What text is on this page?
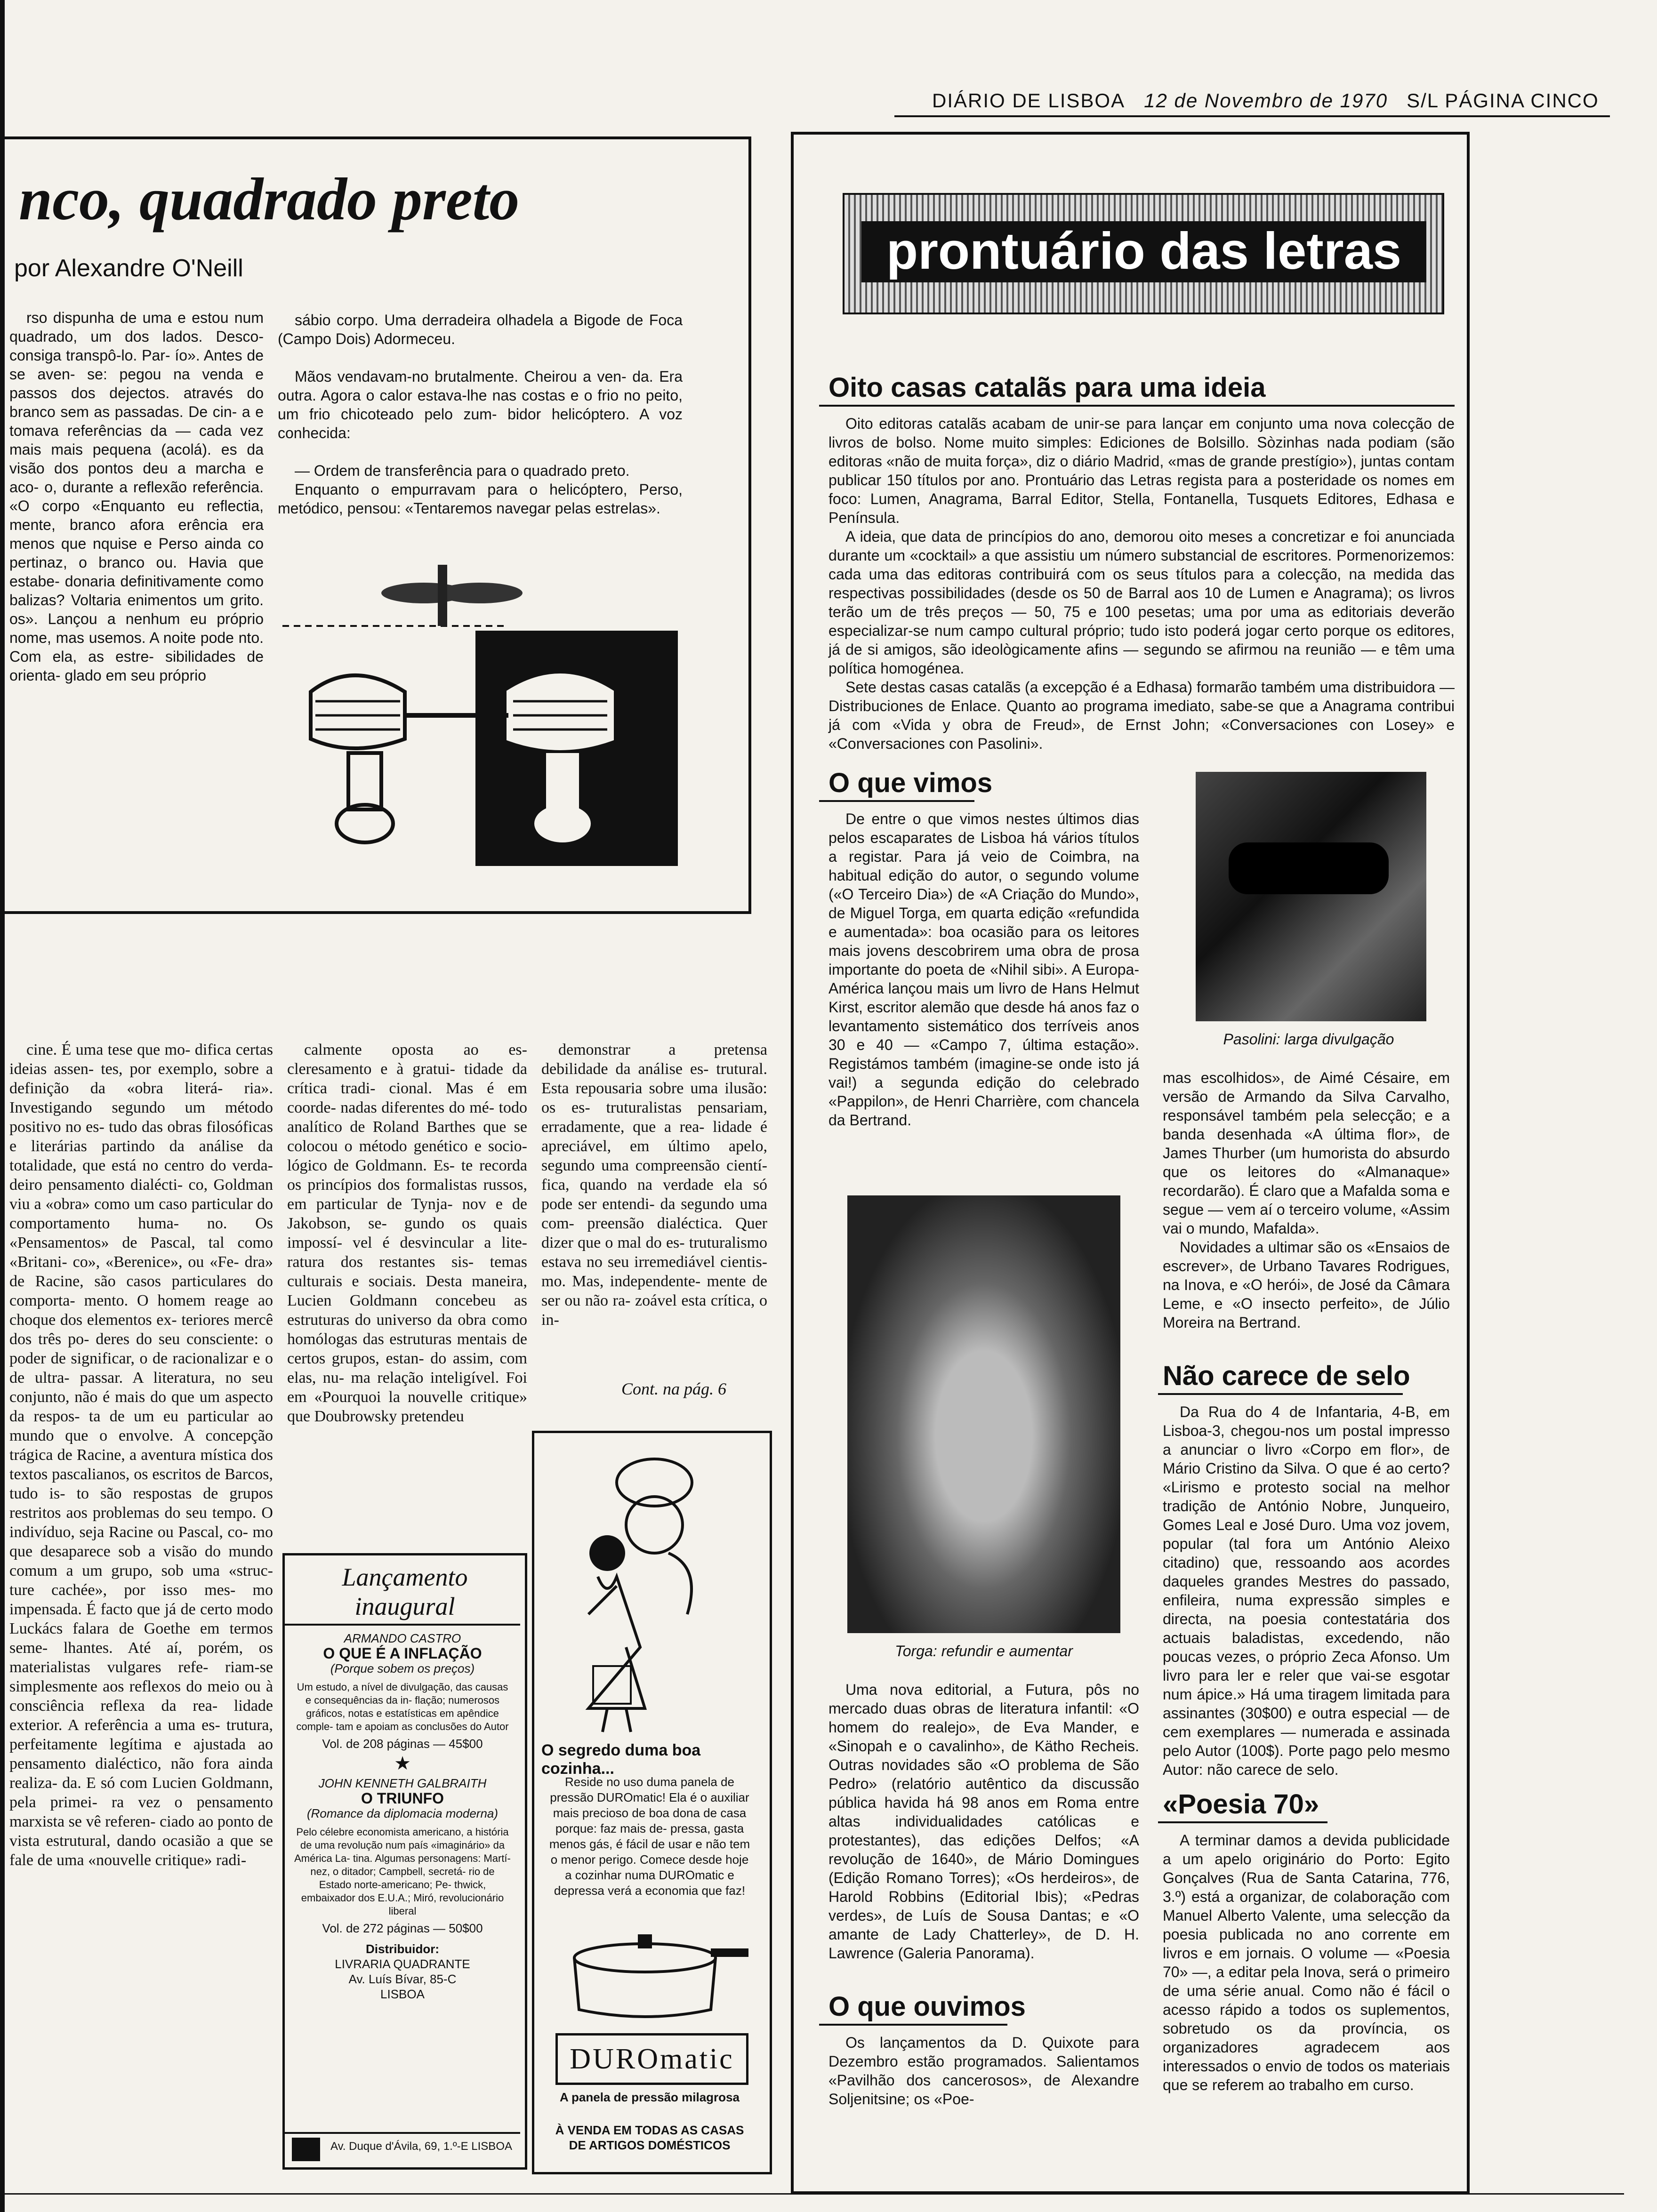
DIÁRIO DE LISBOA 12 de Novembro de 1970 S/L PÁGINA CINCO
nco, quadrado preto
por Alexandre O'Neill

rso dispunha de uma e estou num quadrado, um dos lados. Desco- consiga transpô-lo. Par- ío». Antes de se aven- se: pegou na venda e passos dos dejectos. através do branco sem as passadas. De cin- a e tomava referências da — cada vez mais mais pequena (acolá). es da visão dos pontos deu a marcha e aco- o, durante a reflexão referência. «O corpo «Enquanto eu reflectia, mente, branco afora erência era menos que nquise e Perso ainda co pertinaz, o branco ou. Havia que estabe- donaria definitivamente como balizas? Voltaria enimentos um grito. os». Lançou a nenhum eu próprio nome, mas usemos. A noite pode nto. Com ela, as estre- sibilidades de orienta- glado em seu próprio

sábio corpo. Uma derradeira olhadela a Bigode de Foca (Campo Dois) Adormeceu.

Mãos vendavam-no brutalmente. Cheirou a ven- da. Era outra. Agora o calor estava-lhe nas costas e o frio no peito, um frio chicoteado pelo zum- bidor helicóptero. A voz conhecida:

— Ordem de transferência para o quadrado preto.

Enquanto o empurravam para o helicóptero, Perso, metódico, pensou: «Tentaremos navegar pelas estrelas».

cine. É uma tese que mo- difica certas ideias assen- tes, por exemplo, sobre a definição da «obra literá- ria». Investigando segundo um método positivo no es- tudo das obras filosóficas e literárias partindo da análise da totalidade, que está no centro do verda- deiro pensamento dialécti- co, Goldman viu a «obra» como um caso particular do comportamento huma- no. Os «Pensamentos» de Pascal, tal como «Britani- co», «Berenice», ou «Fe- dra» de Racine, são casos particulares do comporta- mento. O homem reage ao choque dos elementos ex- teriores mercê dos três po- deres do seu consciente: o poder de significar, o de racionalizar e o de ultra- passar. A literatura, no seu conjunto, não é mais do que um aspecto da respos- ta de um eu particular ao mundo que o envolve. A concepção trágica de Racine, a aventura mística dos textos pascalianos, os escritos de Barcos, tudo is- to são respostas de grupos restritos aos problemas do seu tempo. O indivíduo, seja Racine ou Pascal, co- mo que desaparece sob a visão do mundo comum a um grupo, sob uma «struc- ture cachée», por isso mes- mo impensada. É facto que já de certo modo Luckács falara de Goethe em termos seme- lhantes. Até aí, porém, os materialistas vulgares refe- riam-se simplesmente aos reflexos do meio ou à consciência reflexa da rea- lidade exterior. A referência a uma es- trutura, perfeitamente legítima e ajustada ao pensamento dialéctico, não fora ainda realiza- da. E só com Lucien Goldmann, pela primei- ra vez o pensamento marxista se vê referen- ciado ao ponto de vista estrutural, dando ocasião a que se fale de uma «nouvelle critique» radi-

calmente oposta ao es- cleresamento e à gratui- tidade da crítica tradi- cional. Mas é em coorde- nadas diferentes do mé- todo analítico de Roland Barthes que se colocou o método genético e socio- lógico de Goldmann. Es- te recorda os princípios dos formalistas russos, em particular de Tynja- nov e de Jakobson, se- gundo os quais impossí- vel é desvincular a lite- ratura dos restantes sis- temas culturais e sociais. Desta maneira, Lucien Goldmann concebeu as estruturas do universo da obra como homólogas das estruturas mentais de certos grupos, estan- do assim, com elas, nu- ma relação inteligível. Foi em «Pourquoi la nouvelle critique» que Doubrowsky pretendeu

demonstrar a pretensa debilidade da análise es- trutural. Esta repousaria sobre uma ilusão: os es- truturalistas pensariam, erradamente, que a rea- lidade é apreciável, em último apelo, segundo uma compreensão cientí- fica, quando na verdade ela só pode ser entendi- da segundo uma com- preensão dialéctica. Quer dizer que o mal do es- truturalismo estava no seu irremediável cientis- mo. Mas, independente- mente de ser ou não ra- zoável esta crítica, o in-

Cont. na pág. 6
Lançamento inaugural
ARMANDO CASTRO
O QUE É A INFLAÇÃO
(Porque sobem os preços)
Um estudo, a nível de divulgação, das causas e consequências da in- flação; numerosos gráficos, notas e estatísticas em apêndice comple- tam e apoiam as conclusões do Autor
Vol. de 208 páginas — 45$00
★
JOHN KENNETH GALBRAITH
O TRIUNFO
(Romance da diplomacia moderna)
Pelo célebre economista americano, a história de uma revolução num país «imaginário» da América La- tina. Algumas personagens: Martí- nez, o ditador; Campbell, secretá- rio de Estado norte-americano; Pe- thwick, embaixador dos E.U.A.; Miró, revolucionário liberal
Vol. de 272 páginas — 50$00
Distribuidor:
LIVRARIA QUADRANTE
Av. Luís Bívar, 85-C
LISBOA
Av. Duque d'Ávila, 69, 1.º-E LISBOA
O segredo duma boa cozinha...
Reside no uso duma panela de pressão DUROmatic! Ela é o auxiliar mais precioso de boa dona de casa porque: faz mais de- pressa, gasta menos gás, é fácil de usar e não tem o menor perigo. Comece desde hoje a cozinhar numa DUROmatic e depressa verá a economia que faz!
DUROmatic
A panela de pressão milagrosa
À VENDA EM TODAS AS CASAS DE ARTIGOS DOMÉSTICOS
prontuário das letras
Oito casas catalãs para uma ideia

Oito editoras catalãs acabam de unir-se para lançar em conjunto uma nova colecção de livros de bolso. Nome muito simples: Ediciones de Bolsillo. Sòzinhas nada podiam (são editoras «não de muita força», diz o diário Madrid, «mas de grande prestígio»), juntas contam publicar 150 títulos por ano. Prontuário das Letras regista para a posteridade os nomes em foco: Lumen, Anagrama, Barral Editor, Stella, Fontanella, Tusquets Editores, Edhasa e Península.

A ideia, que data de princípios do ano, demorou oito meses a concretizar e foi anunciada durante um «cocktail» a que assistiu um número substancial de escritores. Pormenorizemos: cada uma das editoras contribuirá com os seus títulos para a colecção, na medida das respectivas possibilidades (desde os 50 de Barral aos 10 de Lumen e Anagrama); os livros terão um de três preços — 50, 75 e 100 pesetas; uma por uma as editoriais deverão especializar-se num campo cultural próprio; tudo isto poderá jogar certo porque os editores, já de si amigos, são ideològicamente afins — segundo se afirmou na reunião — e têm uma política homogénea.

Sete destas casas catalãs (a excepção é a Edhasa) formarão também uma distribuidora — Distribuciones de Enlace. Quanto ao programa imediato, sabe-se que a Anagrama contribui já com «Vida y obra de Freud», de Ernst John; «Conversaciones con Losey» e «Conversaciones con Pasolini».

O que vimos

De entre o que vimos nestes últimos dias pelos escaparates de Lisboa há vários títulos a registar. Para já veio de Coimbra, na habitual edição do autor, o segundo volume («O Terceiro Dia») de «A Criação do Mundo», de Miguel Torga, em quarta edição «refundida e aumentada»: boa ocasião para os leitores mais jovens descobrirem uma obra de prosa importante do poeta de «Nihil sibi». A Europa-América lançou mais um livro de Hans Helmut Kirst, escritor alemão que desde há anos faz o levantamento sistemático dos terríveis anos 30 e 40 — «Campo 7, última estação». Registámos também (imagine-se onde isto já vai!) a segunda edição do celebrado «Pappilon», de Henri Charrière, com chancela da Bertrand.

Pasolini: larga divulgação

mas escolhidos», de Aimé Césaire, em versão de Armando da Silva Carvalho, responsável também pela selecção; e a banda desenhada «A última flor», de James Thurber (um humorista do absurdo que os leitores do «Almanaque» recordarão). É claro que a Mafalda soma e segue — vem aí o terceiro volume, «Assim vai o mundo, Mafalda».

Novidades a ultimar são os «Ensaios de escrever», de Urbano Tavares Rodrigues, na Inova, e «O herói», de José da Câmara Leme, e «O insecto perfeito», de Júlio Moreira na Bertrand.

Torga: refundir e aumentar

Uma nova editorial, a Futura, pôs no mercado duas obras de literatura infantil: «O homem do realejo», de Eva Mander, e «Sinopah e o cavalinho», de Kätho Recheis. Outras novidades são «O problema de São Pedro» (relatório autêntico da discussão pública havida há 98 anos em Roma entre altas individualidades católicas e protestantes), das edições Delfos; «A revolução de 1640», de Mário Domingues (Edição Romano Torres); «Os herdeiros», de Harold Robbins (Editorial Ibis); «Pedras verdes», de Luís de Sousa Dantas; e «O amante de Lady Chatterley», de D. H. Lawrence (Galeria Panorama).

O que ouvimos

Os lançamentos da D. Quixote para Dezembro estão programados. Salientamos «Pavilhão dos cancerosos», de Alexandre Soljenitsine; os «Poe-

Não carece de selo

Da Rua do 4 de Infantaria, 4-B, em Lisboa-3, chegou-nos um postal impresso a anunciar o livro «Corpo em flor», de Mário Cristino da Silva. O que é ao certo? «Lirismo e protesto social na melhor tradição de António Nobre, Junqueiro, Gomes Leal e José Duro. Uma voz jovem, popular (tal fora um António Aleixo citadino) que, ressoando aos acordes daqueles grandes Mestres do passado, enfileira, numa expressão simples e directa, na poesia contestatária dos actuais baladistas, excedendo, não poucas vezes, o próprio Zeca Afonso. Um livro para ler e reler que vai-se esgotar num ápice.» Há uma tiragem limitada para assinantes (30$00) e outra especial — de cem exemplares — numerada e assinada pelo Autor (100$). Porte pago pelo mesmo Autor: não carece de selo.

«Poesia 70»

A terminar damos a devida publicidade a um apelo originário do Porto: Egito Gonçalves (Rua de Santa Catarina, 776, 3.º) está a organizar, de colaboração com Manuel Alberto Valente, uma selecção da poesia publicada no ano corrente em livros e em jornais. O volume — «Poesia 70» —, a editar pela Inova, será o primeiro de uma série anual. Como não é fácil o acesso rápido a todos os suplementos, sobretudo os da província, os organizadores agradecem aos interessados o envio de todos os materiais que se referem ao trabalho em curso.
